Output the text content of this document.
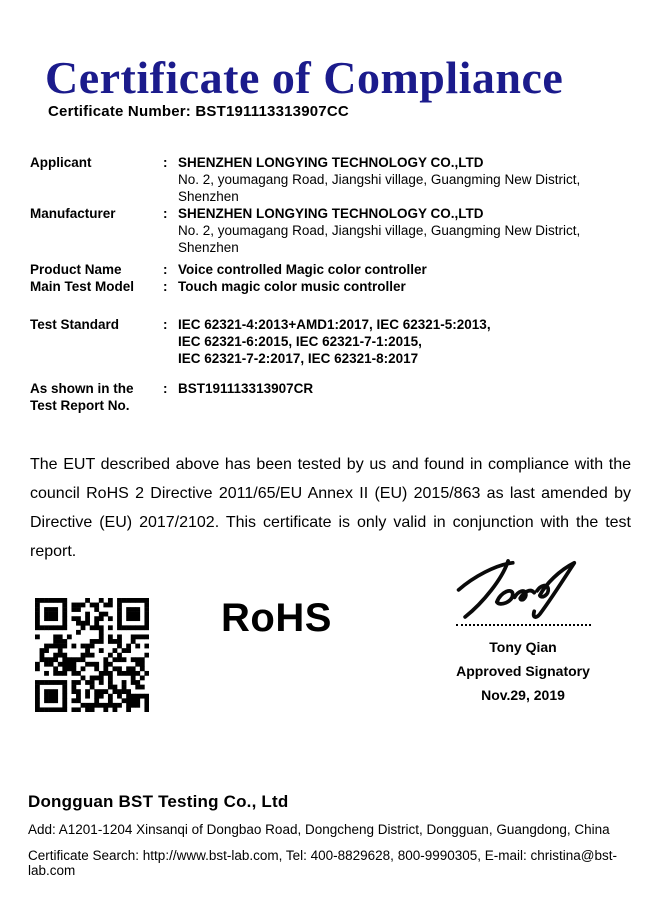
Certificate of Compliance
Certificate Number: BST191113313907CC
Applicant	: SHENZHEN LONGYING TECHNOLOGY CO.,LTD
No. 2, youmagang Road, Jiangshi village, Guangming New District,
Shenzhen
Manufacturer	: SHENZHEN LONGYING TECHNOLOGY CO.,LTD
No. 2, youmagang Road, Jiangshi village, Guangming New District,
Shenzhen
Product Name	: Voice controlled Magic color controller
Main Test Model	: Touch magic color music controller
Test Standard	: IEC 62321-4:2013+AMD1:2017, IEC 62321-5:2013,
IEC 62321-6:2015, IEC 62321-7-1:2015,
IEC 62321-7-2:2017, IEC 62321-8:2017
As shown in the
Test Report No.
: BST191113313907CR

The EUT described above has been tested by us and found in compliance with the council RoHS 2 Directive 2011/65/EU Annex II (EU) 2015/863 as last amended by Directive (EU) 2017/2102. This certificate is only valid in conjunction with the test report.

RoHS
Tony Qian
Approved Signatory
Nov.29, 2019
Dongguan BST Testing Co., Ltd
Add: A1201-1204 Xinsanqi of Dongbao Road, Dongcheng District, Dongguan, Guangdong, China
Certificate Search: http://www.bst-lab.com, Tel: 400-8829628, 800-9990305, E-mail: christina@bst-lab.com
